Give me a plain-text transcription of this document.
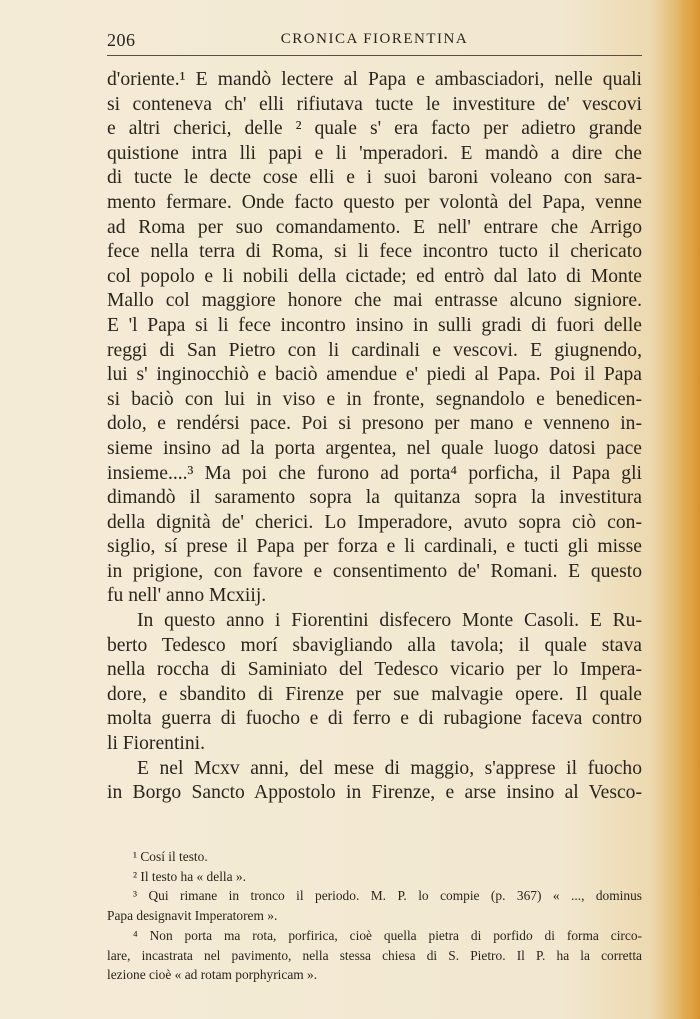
206	CRONICA FIORENTINA
d'oriente.¹ E mandò lectere al Papa e ambasciadori, nelle quali
si conteneva ch' elli rifiutava tucte le investiture de' vescovi
e altri cherici, delle ² quale s' era facto per adietro grande
quistione intra lli papi e li 'mperadori. E mandò a dire che
di tucte le decte cose elli e i suoi baroni voleano con sara-
mento fermare. Onde facto questo per volontà del Papa, venne
ad Roma per suo comandamento. E nell' entrare che Arrigo
fece nella terra di Roma, si li fece incontro tucto il chericato
col popolo e li nobili della cictade; ed entrò dal lato di Monte
Mallo col maggiore honore che mai entrasse alcuno signiore.
E 'l Papa si li fece incontro insino in sulli gradi di fuori delle
reggi di San Pietro con li cardinali e vescovi. E giugnendo,
lui s' inginocchiò e baciò amendue e' piedi al Papa. Poi il Papa
si baciò con lui in viso e in fronte, segnandolo e benedicen-
dolo, e rendérsi pace. Poi si presono per mano e venneno in-
sieme insino ad la porta argentea, nel quale luogo datosi pace
insieme....³ Ma poi che furono ad porta⁴ porficha, il Papa gli
dimandò il saramento sopra la quitanza sopra la investitura
della dignità de' cherici. Lo Imperadore, avuto sopra ciò con-
siglio, sí prese il Papa per forza e li cardinali, e tucti gli misse
in prigione, con favore e consentimento de' Romani. E questo
fu nell' anno Mcxiij.
In questo anno i Fiorentini disfecero Monte Casoli. E Ru-
berto Tedesco morí sbavigliando alla tavola; il quale stava
nella roccha di Saminiato del Tedesco vicario per lo Impera-
dore, e sbandito di Firenze per sue malvagie opere. Il quale
molta guerra di fuocho e di ferro e di rubagione faceva contro
li Fiorentini.
E nel Mcxv anni, del mese di maggio, s'apprese il fuocho
in Borgo Sancto Appostolo in Firenze, e arse insino al Vesco-
¹ Cosí il testo.
² Il testo ha « della ».
³ Qui rimane in tronco il periodo. M. P. lo compie (p. 367) « ..., dominus
Papa designavit Imperatorem ».
⁴ Non porta ma rota, porfirica, cioè quella pietra di porfido di forma circo-
lare, incastrata nel pavimento, nella stessa chiesa di S. Pietro. Il P. ha la corretta
lezione cioè « ad rotam porphyricam ».
